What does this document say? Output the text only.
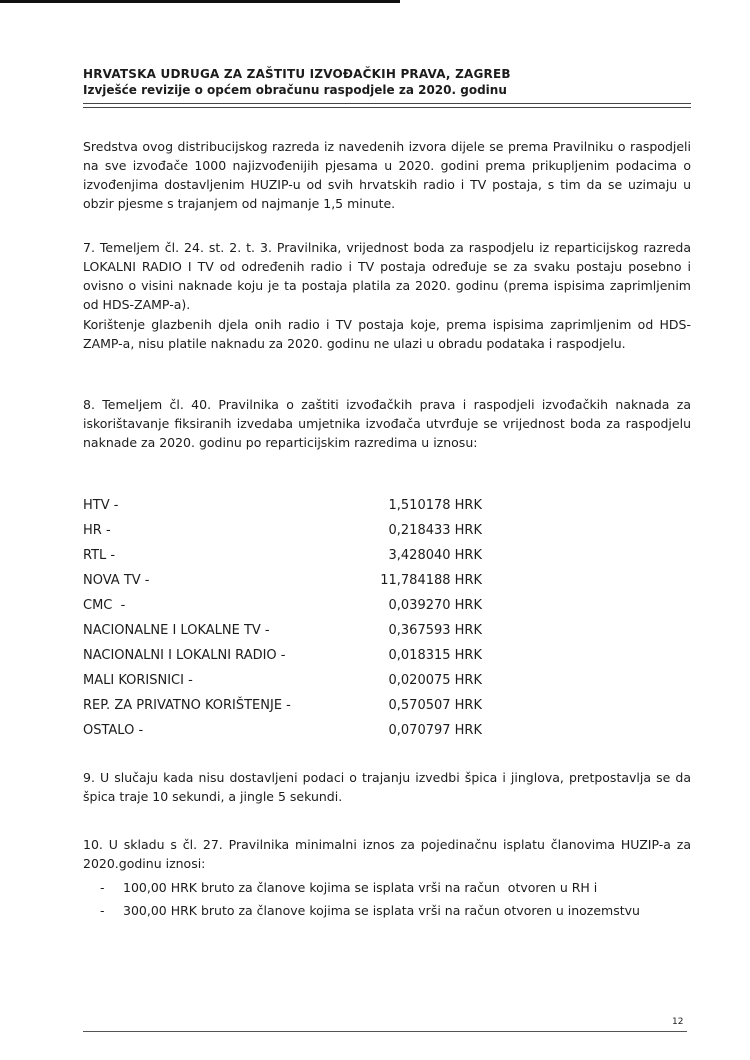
HRVATSKA UDRUGA ZA ZAŠTITU IZVOĐAČKIH PRAVA, ZAGREB
Izvješće revizije o općem obračunu raspodjele za 2020. godinu

Sredstva ovog distribucijskog razreda iz navedenih izvora dijele se prema Pravilniku o raspodjeli na sve izvođače 1000 najizvođenijih pjesama u 2020. godini prema prikupljenim podacima o izvođenjima dostavljenim HUZIP-u od svih hrvatskih radio i TV postaja, s tim da se uzimaju u obzir pjesme s trajanjem od najmanje 1,5 minute.

7. Temeljem čl. 24. st. 2. t. 3. Pravilnika, vrijednost boda za raspodjelu iz reparticijskog razreda LOKALNI RADIO I TV od određenih radio i TV postaja određuje se za svaku postaju posebno i ovisno o visini naknade koju je ta postaja platila za 2020. godinu (prema ispisima zaprimljenim od HDS-ZAMP-a).

Korištenje glazbenih djela onih radio i TV postaja koje, prema ispisima zaprimljenim od HDS-ZAMP-a, nisu platile naknadu za 2020. godinu ne ulazi u obradu podataka i raspodjelu.

8. Temeljem čl. 40. Pravilnika o zaštiti izvođačkih prava i raspodjeli izvođačkih naknada za iskorištavanje fiksiranih izvedaba umjetnika izvođača utvrđuje se vrijednost boda za raspodjelu naknade za 2020. godinu po reparticijskim razredima u iznosu:

HTV -	1,510178 HRK
HR -	0,218433 HRK
RTL -	3,428040 HRK
NOVA TV -	11,784188 HRK
CMC  -	0,039270 HRK
NACIONALNE I LOKALNE TV -	0,367593 HRK
NACIONALNI I LOKALNI RADIO -	0,018315 HRK
MALI KORISNICI -	0,020075 HRK
REP. ZA PRIVATNO KORIŠTENJE -	0,570507 HRK
OSTALO -	0,070797 HRK

9. U slučaju kada nisu dostavljeni podaci o trajanju izvedbi špica i jinglova, pretpostavlja se da špica traje 10 sekundi, a jingle 5 sekundi.

10. U skladu s čl. 27. Pravilnika minimalni iznos za pojedinačnu isplatu članovima HUZIP-a za 2020.godinu iznosi:

-	100,00 HRK bruto za članove kojima se isplata vrši na račun  otvoren u RH i
-	300,00 HRK bruto za članove kojima se isplata vrši na račun otvoren u inozemstvu
12
